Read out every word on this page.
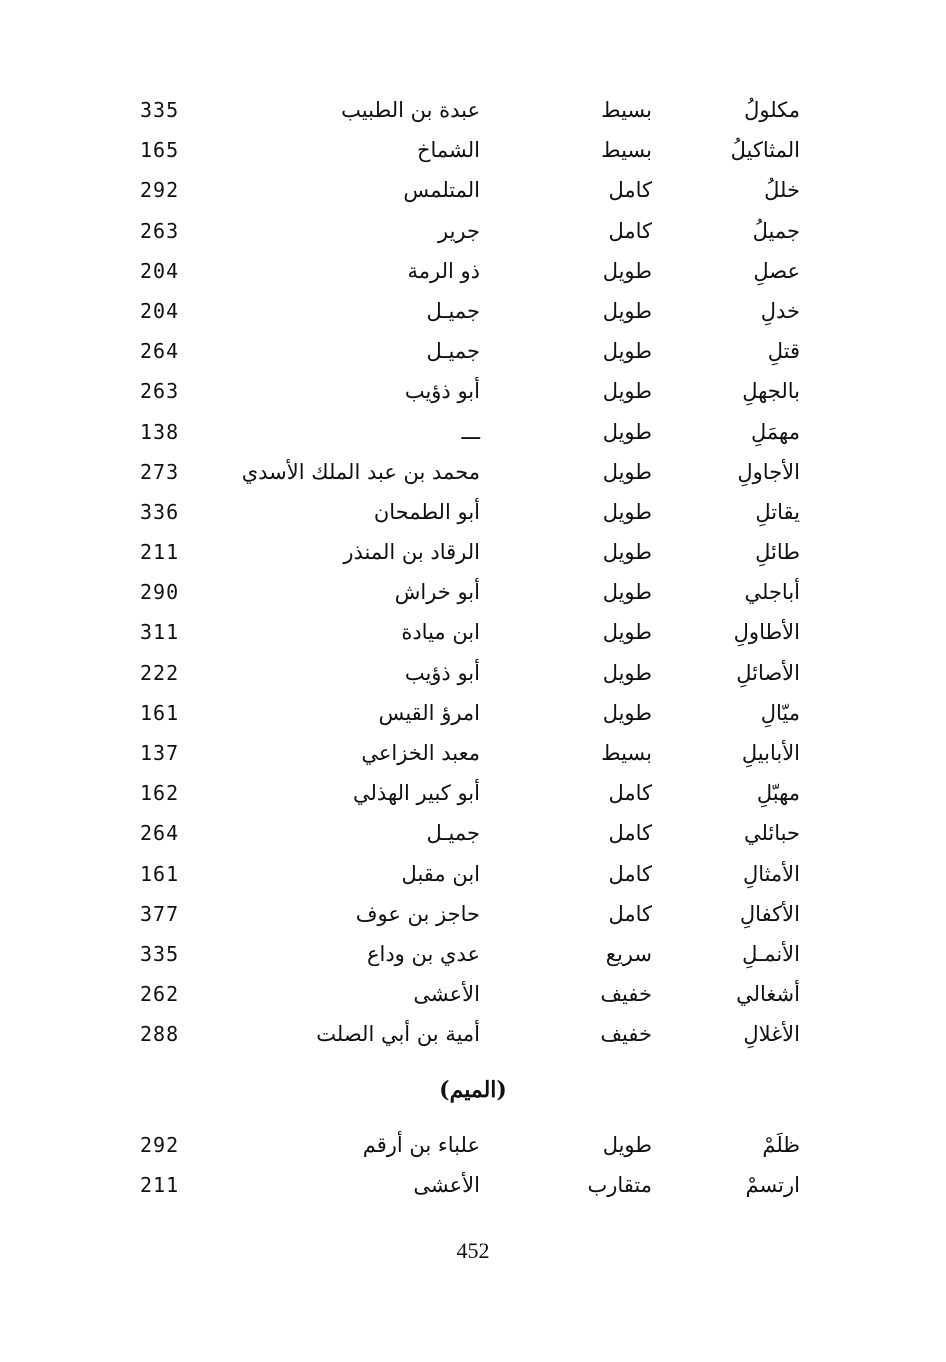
مكلولُ
بسيط
عبدة بن الطبيب
335
المثاكيلُ
بسيط
الشماخ
165
خللُ
كامل
المتلمس
292
جميلُ
كامل
جرير
263
عصلِ
طويل
ذو الرمة
204
خدلِ
طويل
جميـل
204
قتلِ
طويل
جميـل
264
بالجهلِ
طويل
أبو ذؤيب
263
مهمَلِ
طويل
ـــ
138
الأجاولِ
طويل
محمد بن عبد الملك الأسدي
273
يقاتلِ
طويل
أبو الطمحان
336
طائلِ
طويل
الرقاد بن المنذر
211
أباجلي
طويل
أبو خراش
290
الأطاولِ
طويل
ابن ميادة
311
الأصائلِ
طويل
أبو ذؤيب
222
ميّالِ
طويل
امرؤ القيس
161
الأبابيلِ
بسيط
معبد الخزاعي
137
مهبّلِ
كامل
أبو كبير الهذلي
162
حبائلي
كامل
جميـل
264
الأمثالِ
كامل
ابن مقبل
161
الأكفالِ
كامل
حاجز بن عوف
377
الأنمـلِ
سريع
عدي بن وداع
335
أشغالي
خفيف
الأعشى
262
الأغلالِ
خفيف
أمية بن أبي الصلت
288
(الميم)
ظلَمْ
طويل
علباء بن أرقم
292
ارتسمْ
متقارب
الأعشى
211
452
